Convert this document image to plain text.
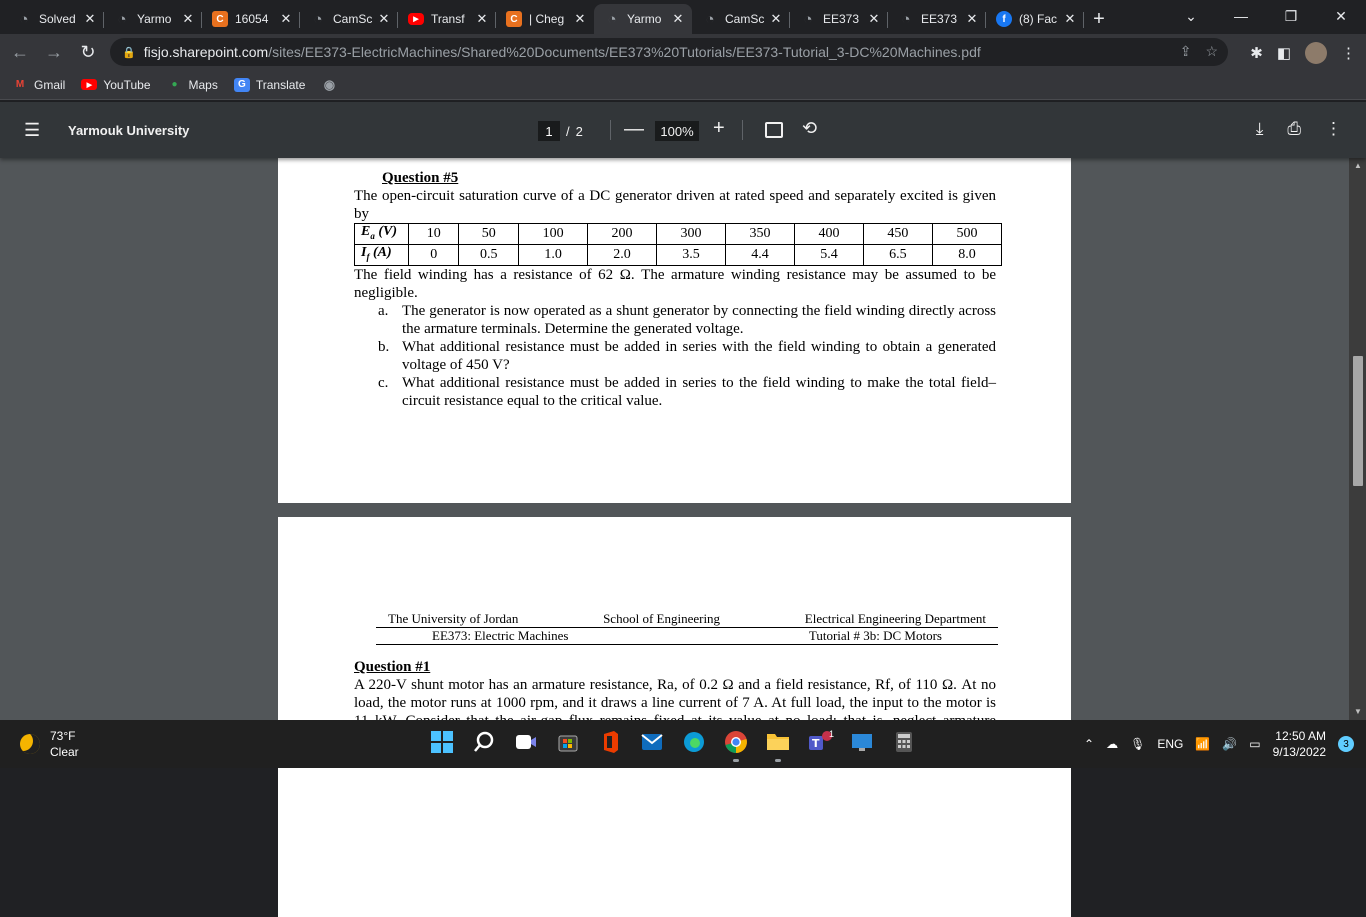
◔ Solved ✕ ◔ Yarmo ✕	C 16054 ✕ ◔ CamSc ✕	▶	Transf ✕	C | Cheg ✕ ◔ Yarmo ✕ ◔ CamSc ✕ ◔ EE373 ✕ ◔ EE373 ✕	f	(8) Fac ✕ +	⌄	—	❐	✕
← → ↻	🔒 fisjo.sharepoint.com/sites/EE373-ElectricMachines/Shared%20Documents/EE373%20Tutorials/EE373-Tutorial_3-DC%20Machines.pdf	⇪ ☆ ✱ ◧	⋮
M Gmail	▶ YouTube	● Maps	G Translate ◉
☰ Yarmouk University	1	/ 2 —	100% +	⟲	⤓ ⎙ ⋮
Question #5
The open-circuit saturation curve of a DC generator driven at rated speed and separately excited is given by
$E_a$ (V)	10	50	100	200	300	350	400	450	500
$I_f$ (A)	0	0.5	1.0	2.0	3.5	4.4	5.4	6.5	8.0
The field winding has a resistance of 62 Ω. The armature winding resistance may be assumed to be negligible.
a. The generator is now operated as a shunt generator by connecting the field winding directly across the armature terminals. Determine the generated voltage.
b. What additional resistance must be added in series with the field winding to obtain a generated voltage of 450 V?
c. What additional resistance must be added in series to the field winding to make the total field–circuit resistance equal to the critical value.
The University of Jordan	School of Engineering	Electrical Engineering Department
EE373: Electric Machines	Tutorial # 3b: DC Motors
Question #1
A 220-V shunt motor has an armature resistance, Ra, of 0.2 Ω and a field resistance, Rf, of 110 Ω. At no load, the motor runs at 1000 rpm, and it draws a line current of 7 A. At full load, the input to the motor is
▲
▼
73°F
Clear
T
1
⌃ ☁ 🎙 ENG 📶 🔊 ▭
12:50 AM
9/13/2022
3
